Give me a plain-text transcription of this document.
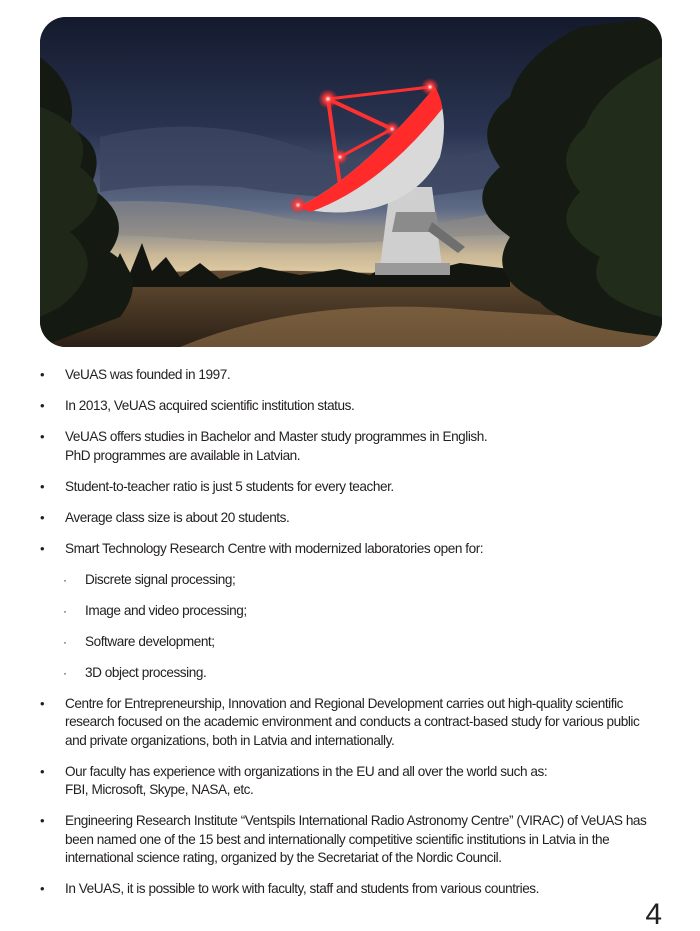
•	VeUAS was founded in 1997.
•	In 2013, VeUAS acquired scientific institution status.
•	VeUAS offers studies in Bachelor and Master study programmes in English.
PhD programmes are available in Latvian.
•	Student-to-teacher ratio is just 5 students for every teacher.
•	Average class size is about 20 students.
•	Smart Technology Research Centre with modernized laboratories open for:
· Discrete signal processing;
· Image and video processing;
· Software development;
· 3D object processing.
•	Centre for Entrepreneurship, Innovation and Regional Development carries out high-quality scientific
research focused on the academic environment and conducts a contract-based study for various public
and private organizations, both in Latvia and internationally.
•	Our faculty has experience with organizations in the EU and all over the world such as:
FBI, Microsoft, Skype, NASA, etc.
•	Engineering Research Institute “Ventspils International Radio Astronomy Centre” (VIRAC) of VeUAS has
been named one of the 15 best and internationally competitive scientific institutions in Latvia in the
international science rating, organized by the Secretariat of the Nordic Council.
•	In VeUAS, it is possible to work with faculty, staff and students from various countries.
4
